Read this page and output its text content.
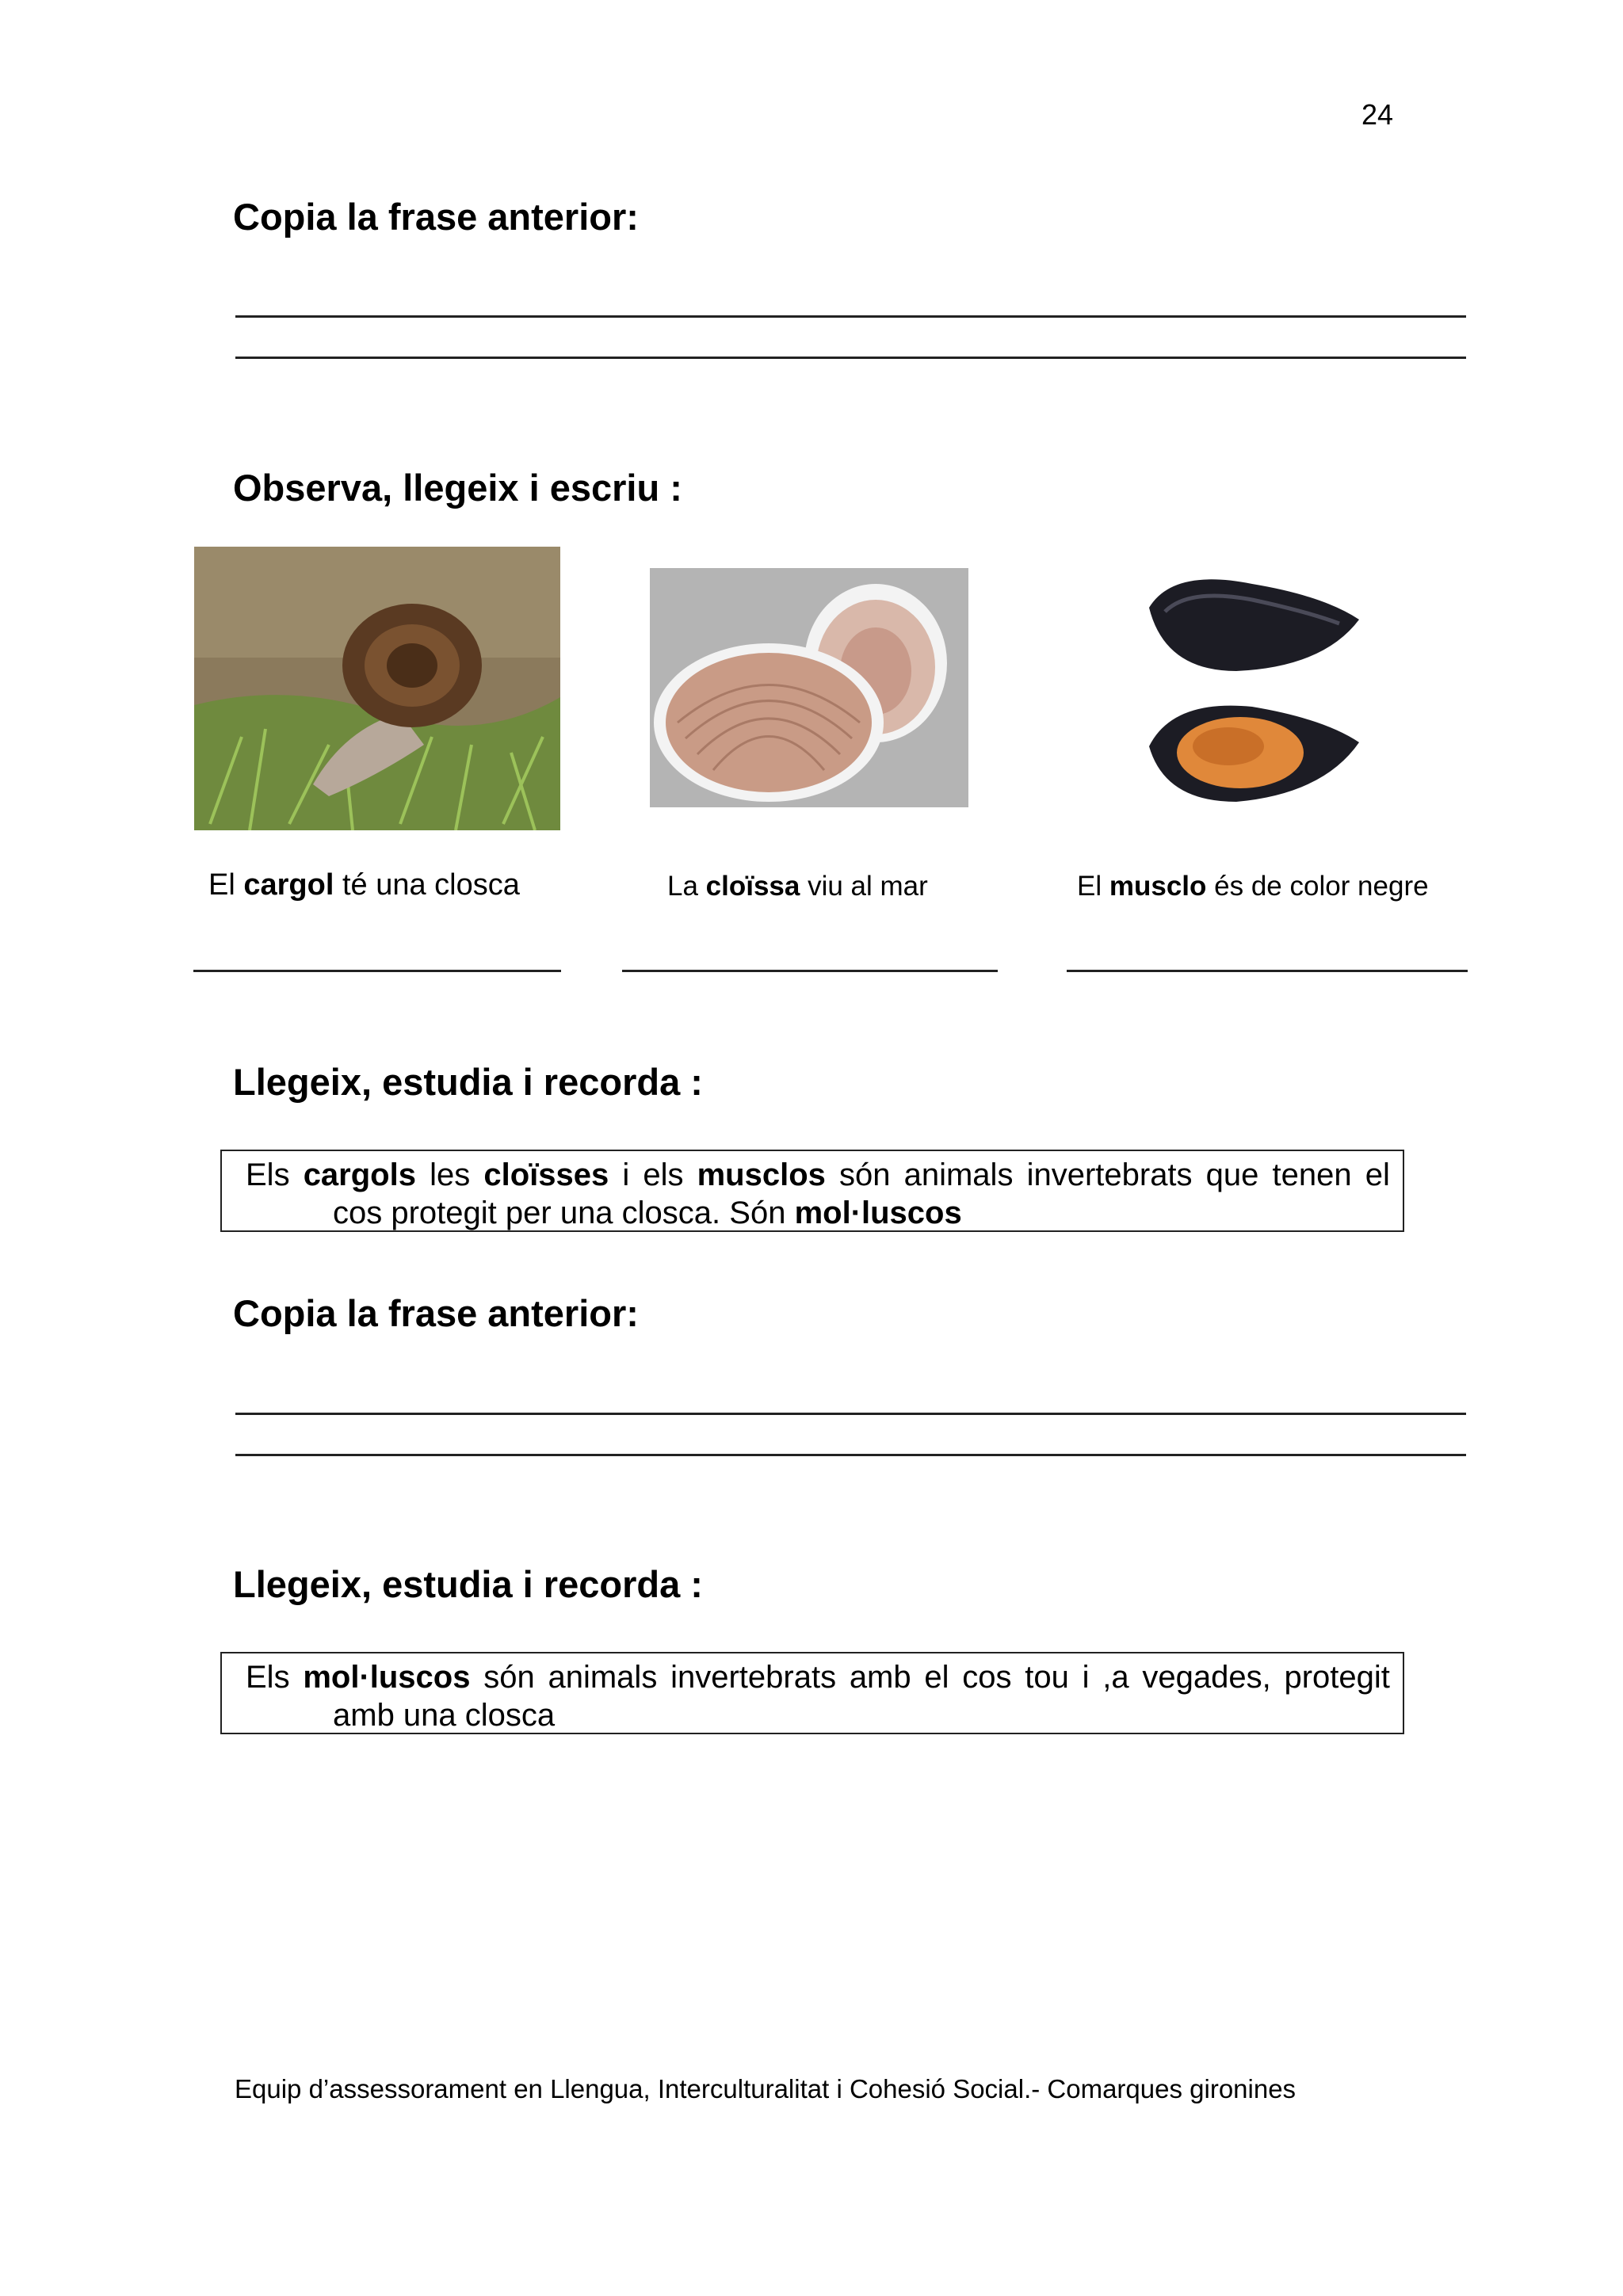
24
Copia la frase anterior:
Observa, llegeix i escriu :
El cargol té una closca	La cloïssa viu al mar	El musclo és de color negre
Llegeix, estudia i recorda :
Els cargols les cloïsses i els musclos són animals invertebrats que tenen el
cos protegit per una closca. Són mol·luscos
Copia la frase anterior:
Llegeix, estudia i recorda :
Els mol·luscos són animals invertebrats amb el cos tou i ,a vegades, protegit
amb una closca
Equip d’assessorament en Llengua, Interculturalitat i Cohesió Social.- Comarques gironines
